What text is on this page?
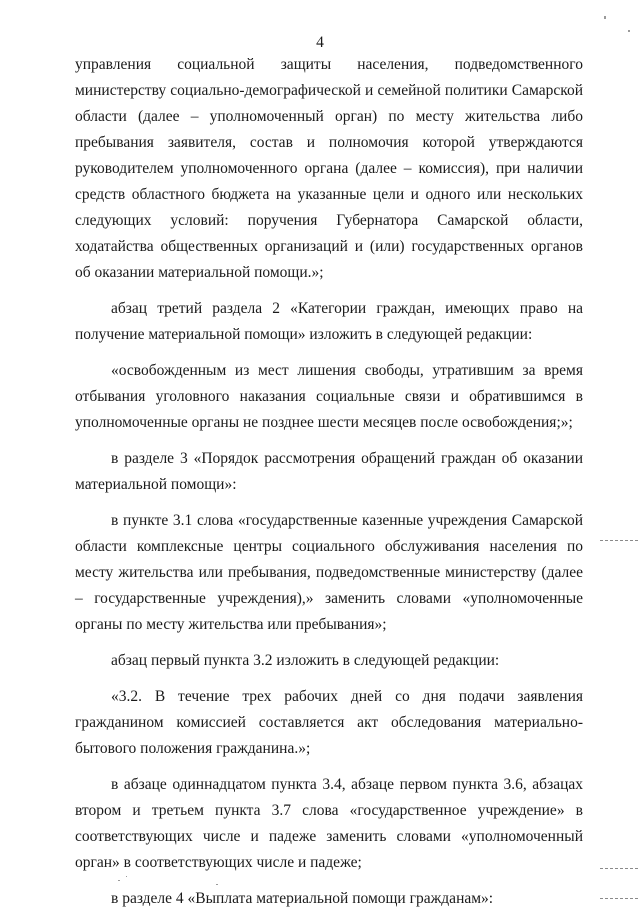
4

управления социальной защиты населения, подведомственного министерству социально-демографической и семейной политики Самарской области (далее – уполномоченный орган) по месту жительства либо пребывания заявителя, состав и полномочия которой утверждаются руководителем уполномоченного органа (далее – комиссия), при наличии средств областного бюджета на указанные цели и одного или нескольких следующих условий: поручения Губернатора Самарской области, ходатайства общественных организаций и (или) государственных органов об оказании материальной помощи.»;

абзац третий раздела 2 «Категории граждан, имеющих право на получение материальной помощи» изложить в следующей редакции:

«освобожденным из мест лишения свободы, утратившим за время отбывания уголовного наказания социальные связи и обратившимся в уполномоченные органы не позднее шести месяцев после освобождения;»;

в разделе 3 «Порядок рассмотрения обращений граждан об оказании материальной помощи»:

в пункте 3.1 слова «государственные казенные учреждения Самарской области комплексные центры социального обслуживания населения по месту жительства или пребывания, подведомственные министерству (далее – государственные учреждения),» заменить словами «уполномоченные органы по месту жительства или пребывания»;

абзац первый пункта 3.2 изложить в следующей редакции:

«3.2. В течение трех рабочих дней со дня подачи заявления гражданином комиссией составляется акт обследования материально-бытового положения гражданина.»;

в абзаце одиннадцатом пункта 3.4, абзаце первом пункта 3.6, абзацах втором и третьем пункта 3.7 слова «государственное учреждение» в соответствующих числе и падеже заменить словами «уполномоченный орган» в соответствующих числе и падеже;

в разделе 4 «Выплата материальной помощи гражданам»:
